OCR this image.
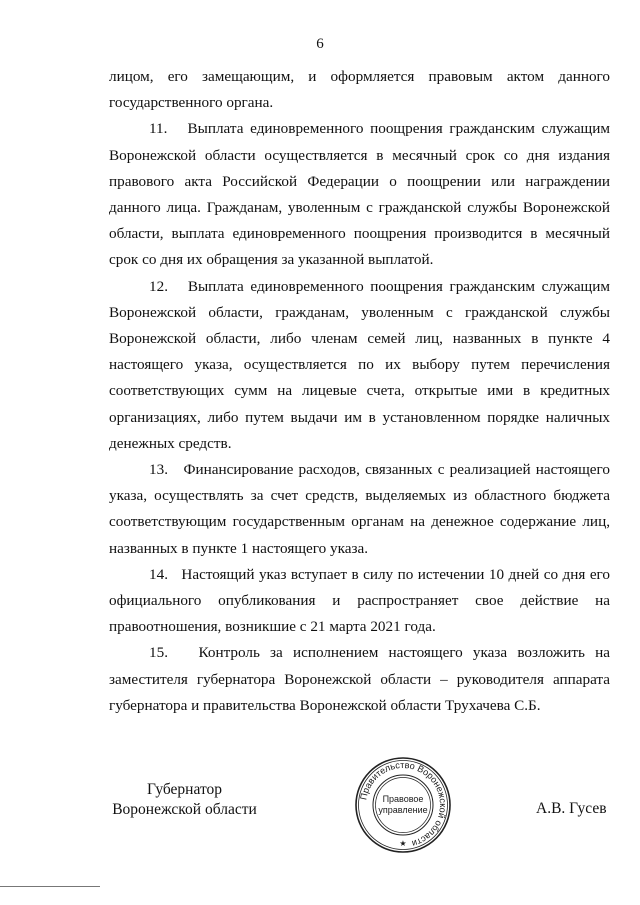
6

лицом, его замещающим, и оформляется правовым актом данного государственного органа.

11.   Выплата единовременного поощрения гражданским служащим Воронежской области осуществляется в месячный срок со дня издания правового акта Российской Федерации о поощрении или награждении данного лица. Гражданам, уволенным с гражданской службы Воронежской области, выплата единовременного поощрения производится в месячный срок со дня их обращения за указанной выплатой.

12.   Выплата единовременного поощрения гражданским служащим Воронежской области, гражданам, уволенным с гражданской службы Воронежской области, либо членам семей лиц, названных в пункте 4 настоящего указа, осуществляется по их выбору путем перечисления соответствующих сумм на лицевые счета, открытые ими в кредитных организациях, либо путем выдачи им в установленном порядке наличных денежных средств.

13.   Финансирование расходов, связанных с реализацией настоящего указа, осуществлять за счет средств, выделяемых из областного бюджета соответствующим государственным органам на денежное содержание лиц, названных в пункте 1 настоящего указа.

14.   Настоящий указ вступает в силу по истечении 10 дней со дня его официального опубликования и распространяет свое действие на правоотношения, возникшие с 21 марта 2021 года.

15.   Контроль за исполнением настоящего указа возложить на заместителя губернатора Воронежской области – руководителя аппарата губернатора и правительства Воронежской области Трухачева С.Б.

Губернатор
Воронежской области
Правительство Воронежской области
Правовое
управление
★
А.В. Гусев
